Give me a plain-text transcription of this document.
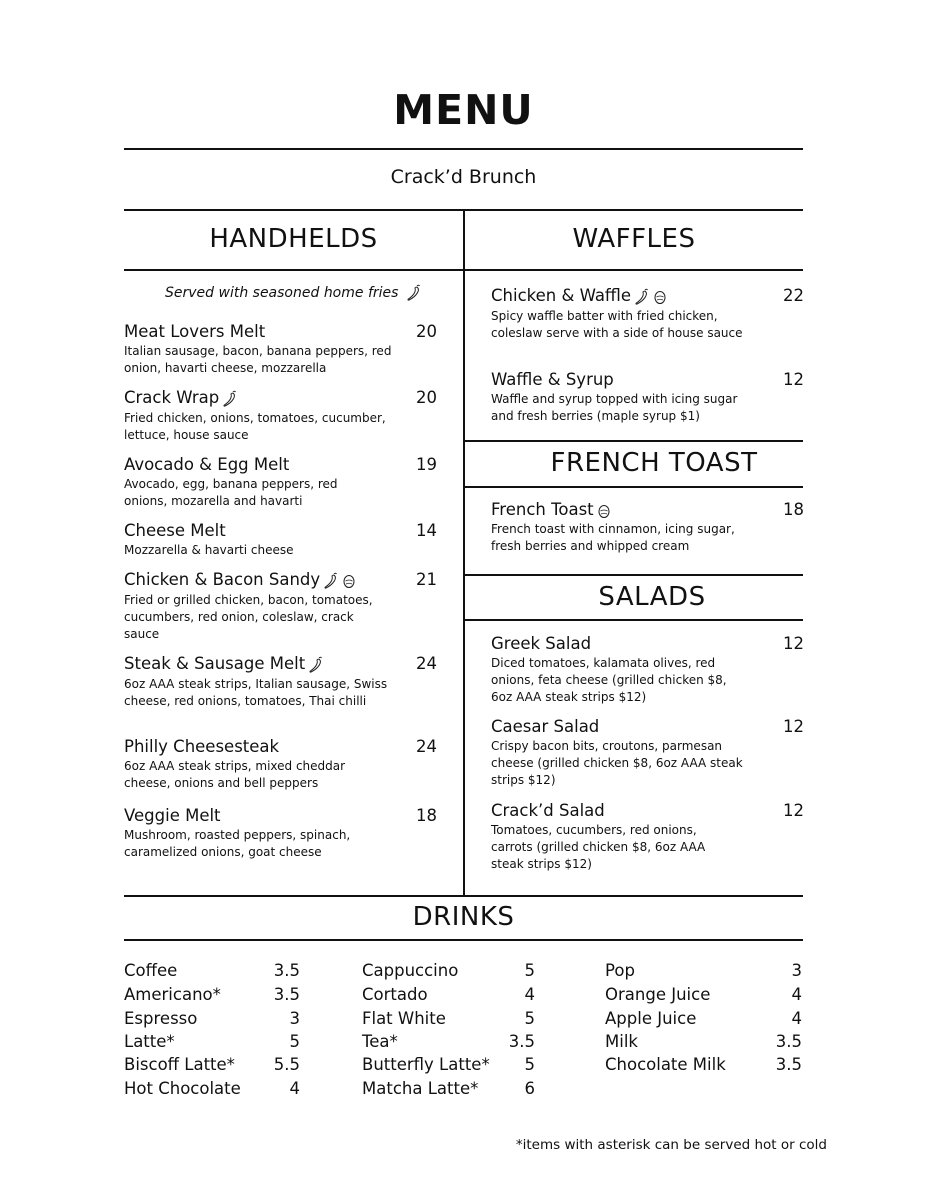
MENU
Crack’d Brunch
HANDHELDS	WAFFLES
FRENCH TOAST
SALADS
Served with seasoned home fries
Meat Lovers Melt
Italian sausage, bacon, banana peppers, red onion, havarti cheese, mozzarella
20
Crack Wrap
Fried chicken, onions, tomatoes, cucumber, lettuce, house sauce
20
Avocado & Egg Melt
Avocado, egg, banana peppers, red onions, mozarella and havarti
19
Cheese Melt
Mozzarella & havarti cheese
14
Chicken & Bacon Sandy
Fried or grilled chicken, bacon, tomatoes, cucumbers, red onion, coleslaw, crack sauce
21
Steak & Sausage Melt
6oz AAA steak strips, Italian sausage, Swiss cheese, red onions, tomatoes, Thai chilli
24
Philly Cheesesteak
6oz AAA steak strips, mixed cheddar cheese, onions and bell peppers
24
Veggie Melt
Mushroom, roasted peppers, spinach, caramelized onions, goat cheese
18
Chicken & Waffle
Spicy waffle batter with fried chicken, coleslaw serve with a side of house sauce
22
Waffle & Syrup
Waffle and syrup topped with icing sugar and fresh berries (maple syrup $1)
12
French Toast
French toast with cinnamon, icing sugar, fresh berries and whipped cream
18
Greek Salad
Diced tomatoes, kalamata olives, red onions, feta cheese (grilled chicken $8, 6oz AAA steak strips $12)
12
Caesar Salad
Crispy bacon bits, croutons, parmesan cheese (grilled chicken $8, 6oz AAA steak strips $12)
12
Crack’d Salad
Tomatoes, cucumbers, red onions, carrots (grilled chicken $8, 6oz AAA steak strips $12)
12
DRINKS
Coffee	3.5
Americano*	3.5
Espresso	3
Latte*	5
Biscoff Latte*	5.5
Hot Chocolate	4
Cappuccino	5
Cortado	4
Flat White	5
Tea*	3.5
Butterfly Latte*	5
Matcha Latte*	6
Pop	3
Orange Juice	4
Apple Juice	4
Milk	3.5
Chocolate Milk	3.5
*items with asterisk can be served hot or cold
